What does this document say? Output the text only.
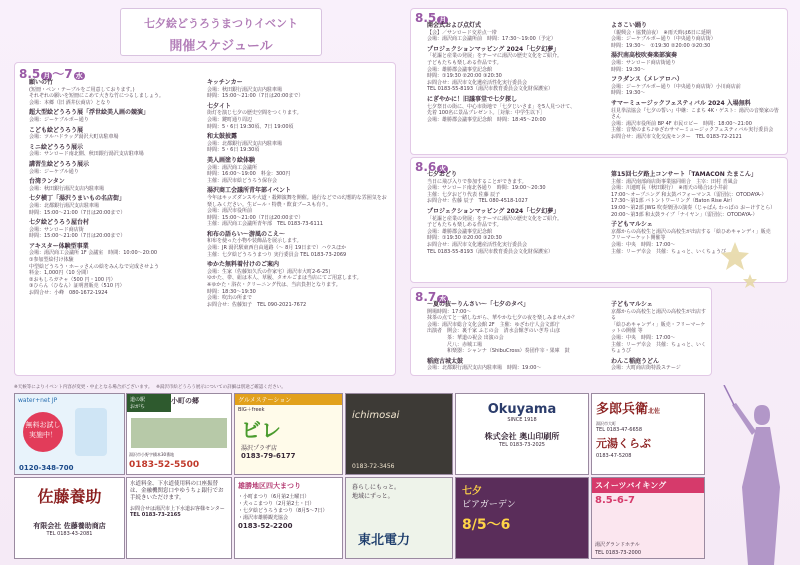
七夕絵どうろうまつりイベント
開催スケジュール
8.5 月 〜7 水
願いの竹
(短冊・ペン・テーブルをご用意しております。)
それぞれの願いを短冊にこめて大きな竹につるしましょう。
会場：本郷（旧 酒井伝商店）となり
超大型絵どうろう展「浮世絵美人画の競演」
会場：ジーケブルボー通り
こども絵どうろう展
会場：ツルハドラッグ湯沢大町店駐車場
ミニ絵どうろう展示
会場：サンロード南北側、秋田銀行湯沢支店駐車場
講習生絵どうろう展示
会場：ジーケブル通り
台湾ランタン
会場：秋田銀行湯沢支店内駐車場
七夕横丁「湯沢うまいもの名店街」
会場：北都銀行湯沢支店駐車場
時間：15:00〜21:00（7日は20:00まで）
七夕絵どうろう屋台村
会場：サンロード商店街
時間：15:00〜21:00（7日は20:00まで）
アキスター体験型事業
会場：湯沢商工会議所 1F 会議室　時間：10:00〜20:00
①参加型絵付け体験
中型絵どうろう・ホーッさんの絵をみんなで完成させよう
料金：1,000円（10 分間）
②おもしろガチャ（500 円・100 円）
③ひらん（ひなん）証明書販売（510 円）
お問合せ：小峰　080-1672-1924
キッチンカー
会場：秋田銀行湯沢支店内駐車場
時間：15:00〜21:00（7日は20:00まで）
七夕イト
街灯を演じ七夕の歴史空間をつくります。
会場：鍵町通り周辺
時間：5・6日 19:30頃、7日 19:00頃
和太鼓披露
会場：北都銀行湯沢支店内駐車場
時間：5・6日 19:30頃
美人画塗り絵体験
会場：湯沢商工会議所
時間：16:00〜19:00　料金：300円
主催：湯沢市絵どうろう保存会
湯沢商工会議所青年部イベント
今年はキッズダンスや大道・殺陣演舞を開催。過行などでの幻想的な雰囲気をお楽しみください。生ビール・特農・飲食ブースも有り。
会場：湯沢市役所前
時間：15:00〜21:00（7日は20:00まで）
主催：湯沢商工会議所青年部　TEL 0183-73-6111
和布の語らい〜游風のこえ〜
和布を使った小物や装飾品を展示します。
会場：JR 湯沢駅東西自由通路（〜 8月 19日まで）ハウスほか
主催：七夕絵どうろうまつり 実行委員会 TEL 0183-73-2069
ゆかた無料着付けのご案内
会場：生家（佐藤知久氏の作家宅）湯沢市大町2-6-25)
ゆかた、帯、紐は本人、草履、タオルごまは当店にてご用意します。
※ゆかた・浴衣・クリーニング代は、当店負担となります。
時間：18:30〜19:30
会場：吹出の所まで
お問合せ：佐藤知子　TEL 090-2021-7672
8.5 月
開会式および点灯式
【会】／サンロード交差点一帯
会場：湯沢商工会議所前　時間：17:30〜19:00（予定）
プロジェクションマッピング 2024「七夕幻夢」
「花謳と産業の発展」をテーマに湯沢の歴史文化をご紹介。
子どもたちも楽しめる作品です。
会場：雄勝郡会議事堂記念館
時間：①19:30 ②20:00 ③20:30
お問合せ：湯沢市文化遺産活性化実行委員会
TEL 0183-55-8193（湯沢市教育委員会文化財保護室）
にぎやかに！旧議事堂で七夕探し
七夕祭日の街に、中心市街地で「七夕じいさま」を5人見つけて、
先着 100名に景品プレゼント。［対象：中学生以下］
会場：雄勝郡会議事堂記念館　時間：18:45〜20:00
よさこい踊り
（親興会・協賛前夜）　※雨天時は6日に延期
会場：ジーケブルボー通り（中央通り商店街）
時間：19:30〜　①19:30 ②20:00 ③20:30
湯沢南高校吹奏楽部演奏
会場：サンロード商店街通り
時間：19:30〜
フラダンス（メレアロハ）
会場：ジーケブルボー通り（中央通り商店街）小川商店前
時間：19:30〜
サマーミュージックフェスティバル 2024 入場無料
荘見拳法協会『七夕の誓い』中継：こまち 4K・ゲスト：湯沢の音楽家の皆さん
会場：湯沢市役所前 BP 4F 市民ロビー　時間：18:00〜21:00
主催：音楽のまち♪ゆざわサマーミュージックフェスティバル実行委員会
お問合せ：湯沢市文化交流センター　TEL 0183-72-2121
8.6 火
七夕おどり
当日に飛び入りで参加することができます。
会場：サンロード南北各通り　時間：19:00〜20:30
主催：七夕おどり代表 佐藤 辰子
お問合せ：佐藤 辰子　TEL 080-4518-1027
プロジェクションマッピング 2024「七夕幻夢」
「花謳と産業の発展」をテーマに湯沢の歴史文化をご紹介。
子どもたちも楽しめる作品です。
会場：雄勝郡会議事堂記念館
時間：①19:30 ②20:00 ③20:30
お問合せ：湯沢市文化遺産活性化実行委員会
TEL 0183-55-8193（湯沢市教育委員会文化財保護室）
第15回七夕路上コンサート「TAMACON たまこん」
主催：湯沢南部商店街事業協同組合　主宰：田村 青風会
会場：川連町長（秋田銀行）　※雨天の場合は小井前
17:00〜オープニング 和太鼓パフォーマンス（雷団伝：OTODAYA-）
17:30〜第1部 バトントワーリング（Baton Rise Air）
19:00〜第2部 JWG 吹奏楽団の演奏（じゃぱん わっぱの おーけすとら）
20:00〜第3部 和太鼓ライブ「ナイヤン」（雷団伝：OTODAYA-）
子どもマルシェ
京都からの高校生と湯沢の高校生が出店する「絵ひめキャンディ」販売
フリーマーケット開催等
会場：中央　時間：17:00〜
主催：リーデ幸会　共催：ちょっと、いくちょうび
8.7 水
〜夏の抜ーりんさい〜「七夕のタベ」
開場時間：17:00〜
抹茶の点てと一緒しながら、華やかな七夕の夜を楽しみませんか？
会場：湯沢市総合文化会館 2F　主催：ゆざわ庁人会文部庁
出演者　開会：裏千家 ふじの会　清水会館ぎのいぎ寿 山彦
　　　　茶：華道の祝会 出演の会
　　　　尺八：赤城工場
　　　　和楽器：シャンナ（ShibuCross）奏団作宰・果庫　鼓
稲庭古城太鼓
会場：北都銀行湯沢支店内駐車場　時間：19:00〜
子どもマルシェ
京都からの高校生と湯沢の高校生が出店する
「絵ひめキャンディ」販売・フリーマーケットの開催 等
会場：中央　時間：17:00〜
主催：リーデ幸会　共催：ちょっと、いくちょうび
わんこ稲庭うどん
会場：大町商店街特設ステージ
※天候等によりイベント内容が変更・中止となる場合がございます。　 ※湯沢市絵どうろう展示についての詳細は別途ご確認ください。
water+net JP
無料お試し
実施中！
0120-348-700
道の駅
おがち
小町の郷
湯沢市小野字橋本30番地
0183-52-5500
グルメステーション
BIG＋freek
ビレ
湯沢プラザ店
0183-79-6177
ichimosai
0183-72-3456
Okuyama
SINCE 1918
株式会社 奥山印刷所
TEL 0183-73-2025
多郎兵衛北佐
湯沢市大町
TEL 0183-47-6658
元湯くらぶ
0183-47-5208
佐藤養助
有限会社 佐藤養助商店
TEL 0183-43-2081
水道料金、下水道使用料の口座振替は、金融機関窓口やゆうちょ銀行でお手続きいただけます。
お問合せは湯沢市上下水道お客様センター
TEL 0183-73-2165
雄勝地区四大まつり
・小町まつり（6月第2土曜日）
・犬っこまつり（2月第2土・日）
・七夕絵どうろうまつり（8月5〜7日）
・湯沢市雄勝観光協会
0183-52-2200
暮らしにもっと。
地域にずっと。
東北電力
七夕
ビアガーデン
8/5〜6
スイーツバイキング
8.5-6-7
湯沢グランドホテル
TEL 0183-73-2000
